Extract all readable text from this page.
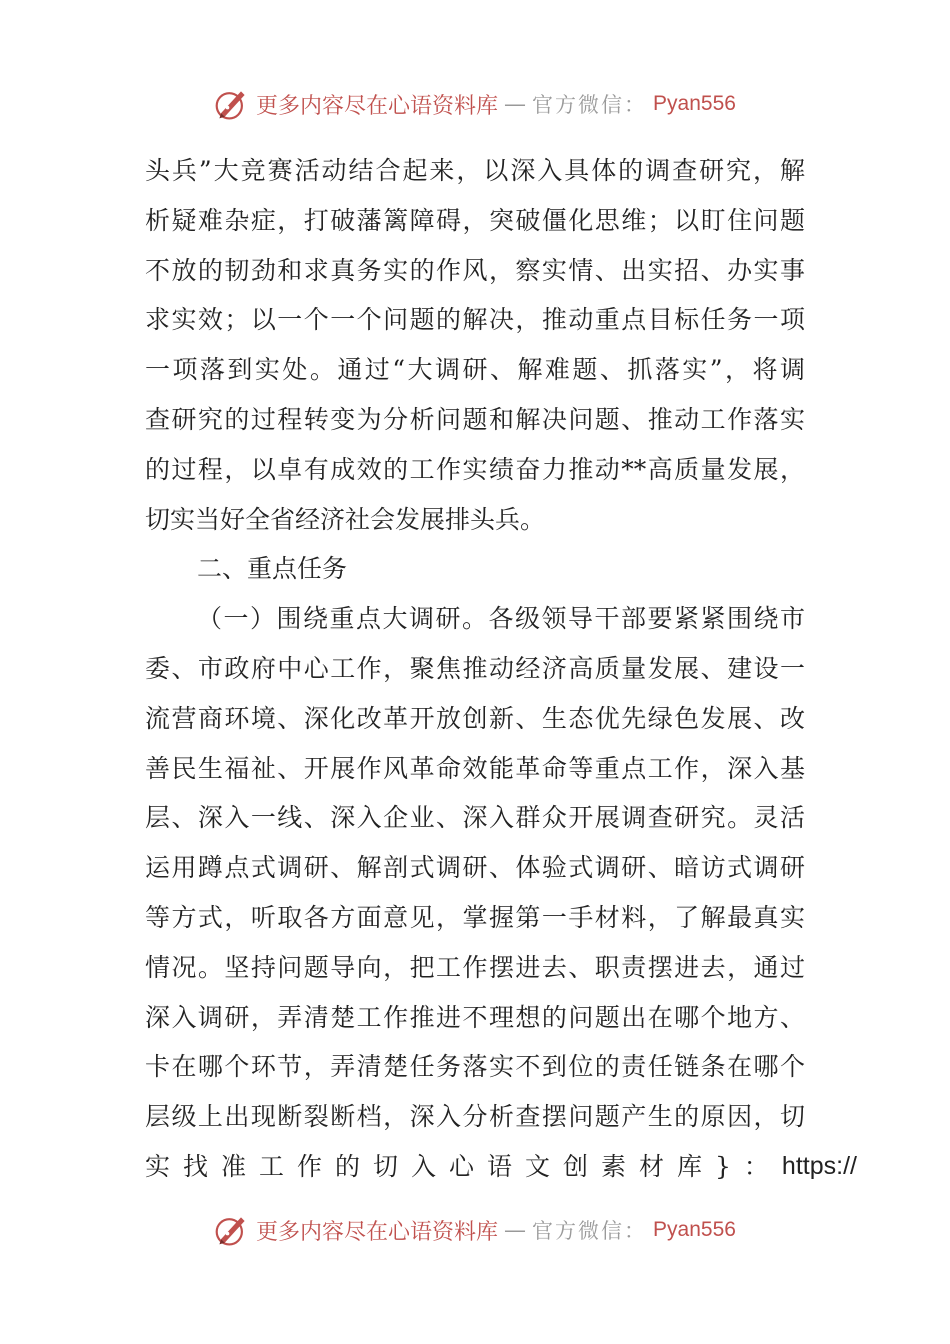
更多内容尽在心语资料库 — 官方微信： Pyan556
头兵”大竞赛活动结合起来，以深入具体的调查研究，解
析疑难杂症，打破藩篱障碍，突破僵化思维；以盯住问题
不放的韧劲和求真务实的作风，察实情、出实招、办实事
求实效；以一个一个问题的解决，推动重点目标任务一项
一项落到实处。通过“大调研、解难题、抓落实”，将调
查研究的过程转变为分析问题和解决问题、推动工作落实
的过程，以卓有成效的工作实绩奋力推动**高质量发展，
切实当好全省经济社会发展排头兵。
二、重点任务
（一）围绕重点大调研。各级领导干部要紧紧围绕市
委、市政府中心工作，聚焦推动经济高质量发展、建设一
流营商环境、深化改革开放创新、生态优先绿色发展、改
善民生福祉、开展作风革命效能革命等重点工作，深入基
层、深入一线、深入企业、深入群众开展调查研究。灵活
运用蹲点式调研、解剖式调研、体验式调研、暗访式调研
等方式，听取各方面意见，掌握第一手材料，了解最真实
情况。坚持问题导向，把工作摆进去、职责摆进去，通过
深入调研，弄清楚工作推进不理想的问题出在哪个地方、
卡在哪个环节，弄清楚任务落实不到位的责任链条在哪个
层级上出现断裂断档，深入分析查摆问题产生的原因，切
实找准工作的切入心语文创素材库}： https://
更多内容尽在心语资料库 — 官方微信： Pyan556
